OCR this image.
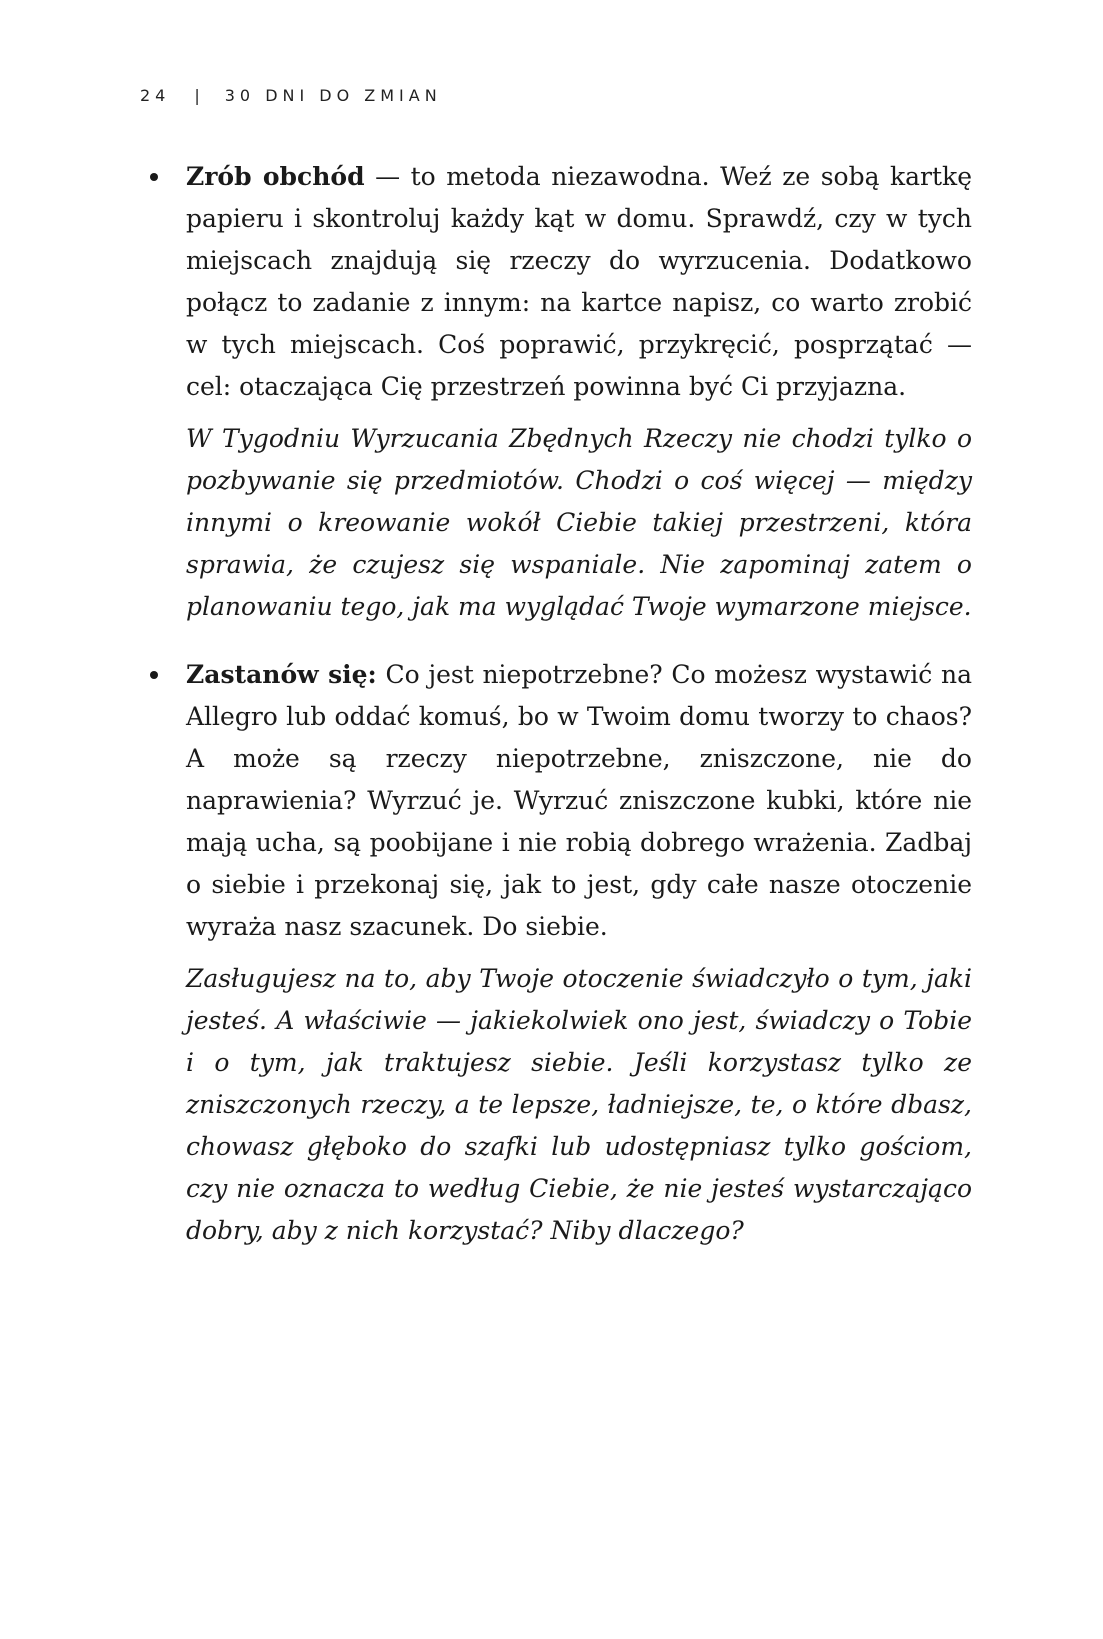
24 | 30 DNI DO ZMIAN

Zrób obchód — to metoda niezawodna. Weź ze sobą kartkę papieru i skontroluj każdy kąt w domu. Sprawdź, czy w tych miejscach znajdują się rzeczy do wyrzucenia. Dodatkowo połącz to zadanie z innym: na kartce napisz, co warto zrobić w tych miejscach. Coś poprawić, przykręcić, posprzątać — cel: otaczająca Cię przestrzeń powinna być Ci przyjazna.

W Tygodniu Wyrzucania Zbędnych Rzeczy nie chodzi tylko o pozbywanie się przedmiotów. Chodzi o coś więcej — między innymi o kreowanie wokół Ciebie takiej przestrzeni, która sprawia, że czujesz się wspaniale. Nie zapominaj zatem o planowaniu tego, jak ma wyglądać Twoje wymarzone miejsce.

Zastanów się: Co jest niepotrzebne? Co możesz wystawić na Allegro lub oddać komuś, bo w Twoim domu tworzy to chaos? A może są rzeczy niepotrzebne, zniszczone, nie do naprawienia? Wyrzuć je. Wyrzuć zniszczone kubki, które nie mają ucha, są poobijane i nie robią dobrego wrażenia. Zadbaj o siebie i przekonaj się, jak to jest, gdy całe nasze otoczenie wyraża nasz szacunek. Do siebie.

Zasługujesz na to, aby Twoje otoczenie świadczyło o tym, jaki jesteś. A właściwie — jakiekolwiek ono jest, świadczy o Tobie i o tym, jak traktujesz siebie. Jeśli korzystasz tylko ze zniszczonych rzeczy, a te lepsze, ładniejsze, te, o które dbasz, chowasz głęboko do szafki lub udostępniasz tylko gościom, czy nie oznacza to według Ciebie, że nie jesteś wystarczająco dobry, aby z nich korzystać? Niby dlaczego?
